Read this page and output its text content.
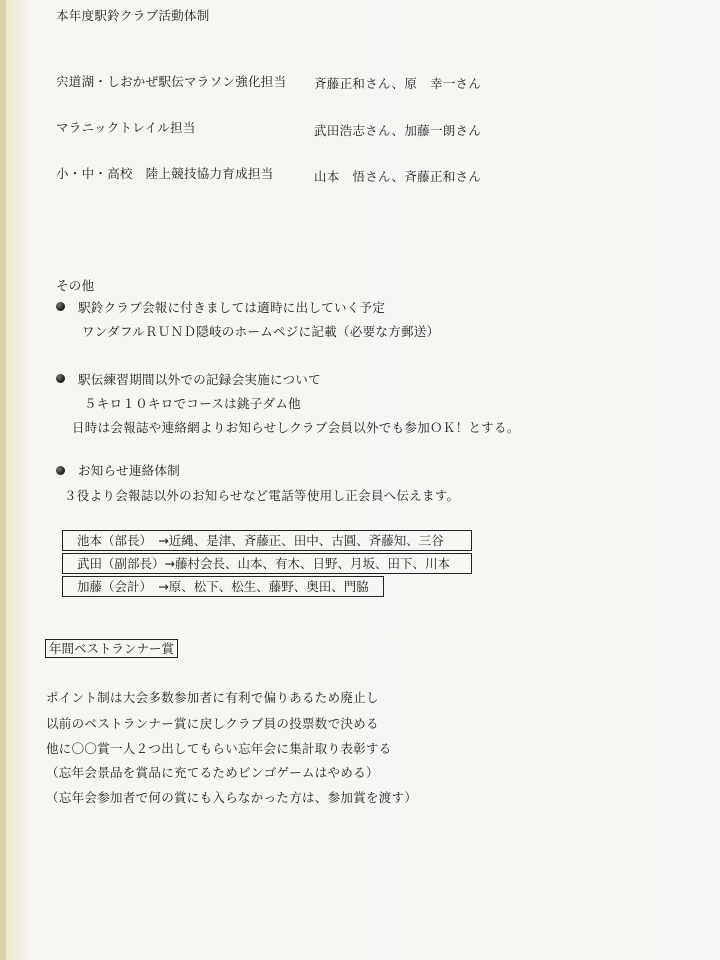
本年度駅鈴クラブ活動体制
宍道湖・しおかぜ駅伝マラソン強化担当 斉藤正和さん、原　幸一さん
マラニックトレイル担当	武田浩志さん、加藤一朗さん
小・中・高校　陸上競技協力育成担当	山本　悟さん、斉藤正和さん
その他
駅鈴クラブ会報に付きましては適時に出していく予定
ワンダフルＲＵＮＤ隠岐のホームペジに記載（必要な方郵送）
駅伝練習期間以外での記録会実施について
５キロ１０キロでコースは銚子ダム他
日時は会報誌や連絡網よりお知らせしクラブ会員以外でも参加ＯＫ！とする。
お知らせ連絡体制
３役より会報誌以外のお知らせなど電話等使用し正会員へ伝えます。
池本（部長）　→近縄、是津、斉藤正、田中、古圓、斉藤知、三谷
武田（副部長）→藤村会長、山本、有木、日野、月坂、田下、川本
加藤（会計）　→原、松下、松生、藤野、奥田、門脇
年間ベストランナー賞
ポイント制は大会多数参加者に有利で偏りあるため廃止し
以前のベストランナー賞に戻しクラブ員の投票数で決める
他に〇〇賞一人２つ出してもらい忘年会に集計取り表彰する
（忘年会景品を賞品に充てるためビンゴゲームはやめる）
（忘年会参加者で何の賞にも入らなかった方は、参加賞を渡す）
